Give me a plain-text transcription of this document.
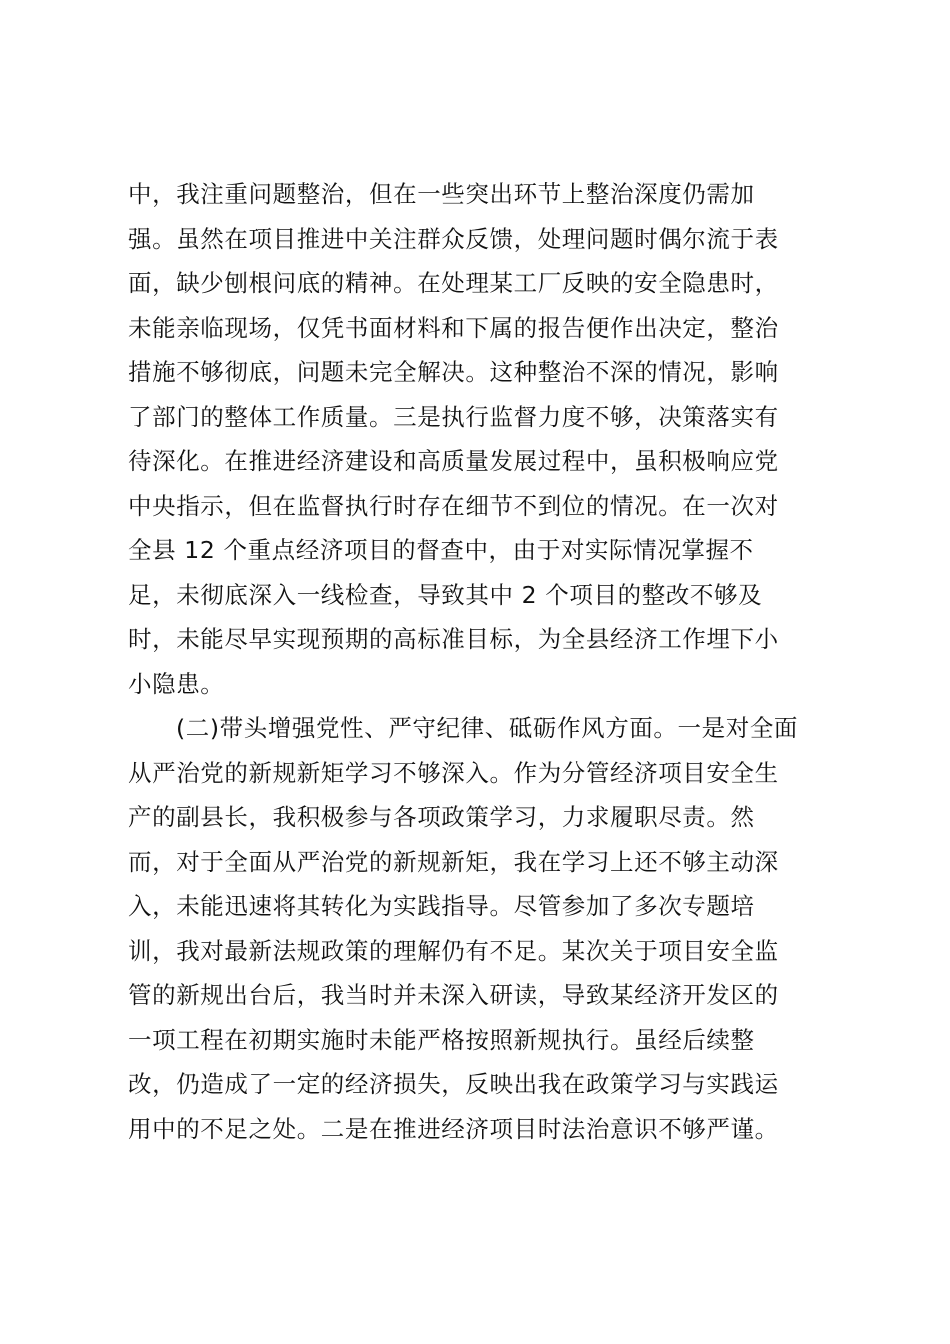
中，我注重问题整治，但在一些突出环节上整治深度仍需加
强。虽然在项目推进中关注群众反馈，处理问题时偶尔流于表
面，缺少刨根问底的精神。在处理某工厂反映的安全隐患时，
未能亲临现场，仅凭书面材料和下属的报告便作出决定，整治
措施不够彻底，问题未完全解决。这种整治不深的情况，影响
了部门的整体工作质量。三是执行监督力度不够，决策落实有
待深化。在推进经济建设和高质量发展过程中，虽积极响应党
中央指示，但在监督执行时存在细节不到位的情况。在一次对
全县 12 个重点经济项目的督查中，由于对实际情况掌握不
足，未彻底深入一线检查，导致其中 2 个项目的整改不够及
时，未能尽早实现预期的高标准目标，为全县经济工作埋下小
小隐患。
(二)带头增强党性、严守纪律、砥砺作风方面。一是对全面
从严治党的新规新矩学习不够深入。作为分管经济项目安全生
产的副县长，我积极参与各项政策学习，力求履职尽责。然
而，对于全面从严治党的新规新矩，我在学习上还不够主动深
入，未能迅速将其转化为实践指导。尽管参加了多次专题培
训，我对最新法规政策的理解仍有不足。某次关于项目安全监
管的新规出台后，我当时并未深入研读，导致某经济开发区的
一项工程在初期实施时未能严格按照新规执行。虽经后续整
改，仍造成了一定的经济损失，反映出我在政策学习与实践运
用中的不足之处。二是在推进经济项目时法治意识不够严谨。
